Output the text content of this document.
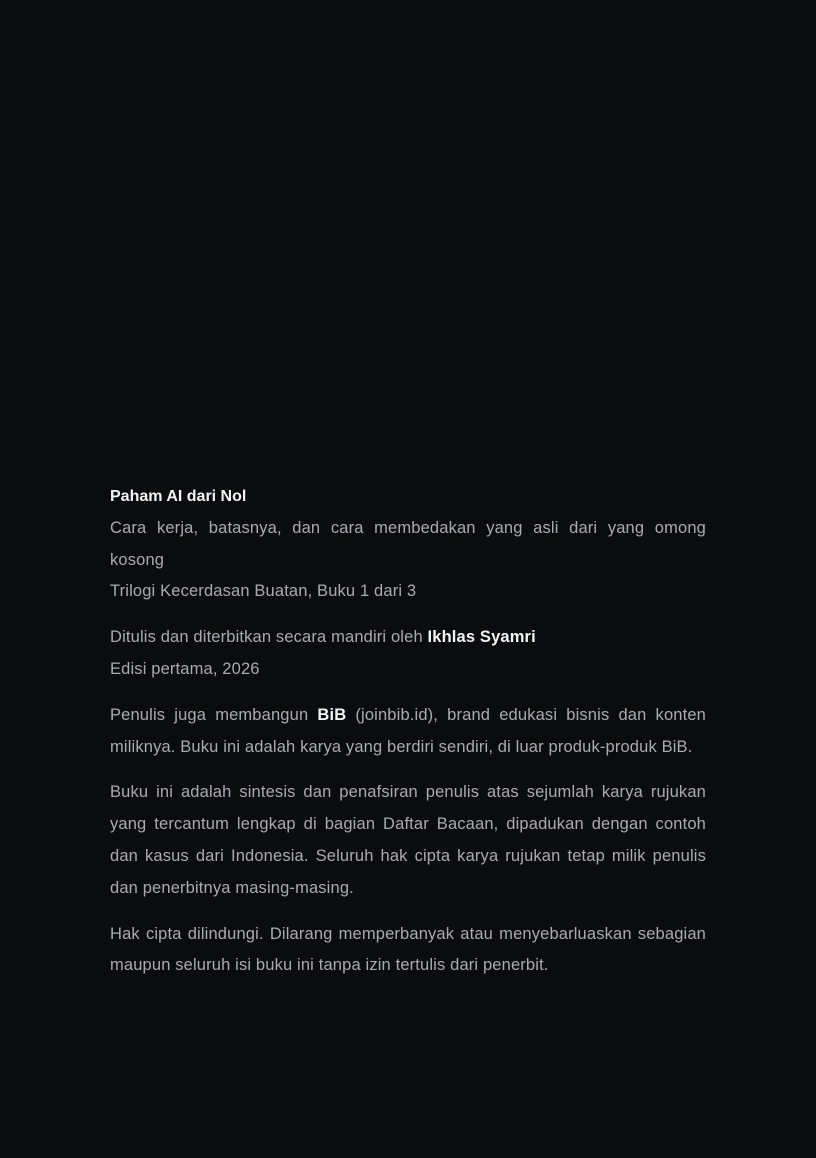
Paham AI dari Nol

Cara kerja, batasnya, dan cara membedakan yang asli dari yang omong kosong

Trilogi Kecerdasan Buatan, Buku 1 dari 3

Ditulis dan diterbitkan secara mandiri oleh Ikhlas Syamri

Edisi pertama, 2026

Penulis juga membangun BiB (joinbib.id), brand edukasi bisnis dan konten miliknya. Buku ini adalah karya yang berdiri sendiri, di luar produk-produk BiB.

Buku ini adalah sintesis dan penafsiran penulis atas sejumlah karya rujukan yang tercantum lengkap di bagian Daftar Bacaan, dipadukan dengan contoh dan kasus dari Indonesia. Seluruh hak cipta karya rujukan tetap milik penulis dan penerbitnya masing-masing.

Hak cipta dilindungi. Dilarang memperbanyak atau menyebarluaskan sebagian maupun seluruh isi buku ini tanpa izin tertulis dari penerbit.
